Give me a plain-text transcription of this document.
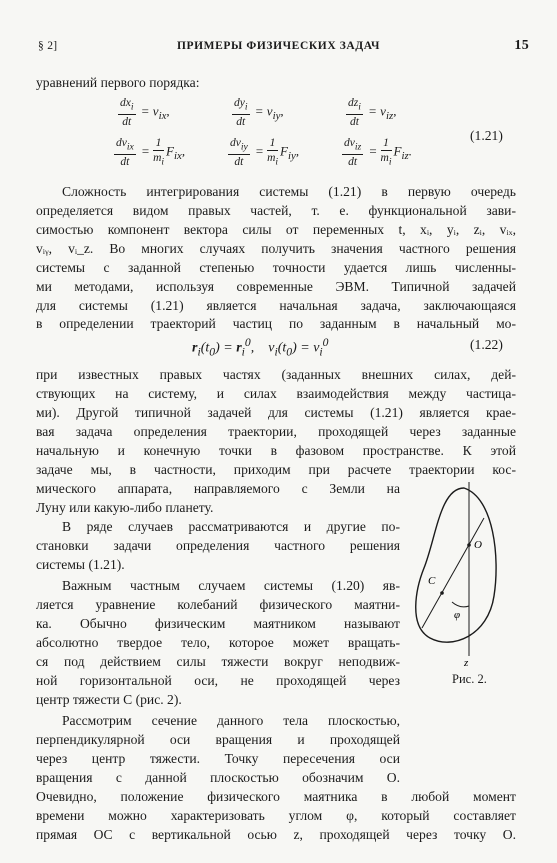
§ 2]	ПРИМЕРЫ ФИЗИЧЕСКИХ ЗАДАЧ	15
уравнений первого порядка:
$\frac{dx_i}{dt} = v_{ix}$,	$\frac{dy_i}{dt} = v_{iy}$,	$\frac{dz_i}{dt} = v_{iz}$,
$\frac{dv_{ix}}{dt} = \frac{1}{m_i} F_{ix}$,	$\frac{dv_{iy}}{dt} = \frac{1}{m_i} F_{iy}$,	$\frac{dv_{iz}}{dt} = \frac{1}{m_i} F_{iz}$.
(1.21)
Сложность интегрирования системы (1.21) в первую очередь
определяется видом правых частей, т. е. функциональной зави-
симостью компонент вектора силы от переменных t, xᵢ, yᵢ, zᵢ, vᵢₓ,
vᵢᵧ, vᵢ_z. Во многих случаях получить значения частного решения
системы с заданной степенью точности удается лишь численны-
ми методами, используя современные ЭВМ. Типичной задачей
для системы (1.21) является начальная задача, заключающаяся
в определении траекторий частиц по заданным в начальный мо-
$r_i(t_0) = r_i^0$,    $v_i(t_0) = v_i^0$	(1.22)
при известных правых частях (заданных внешних силах, дей-
ствующих на систему, и силах взаимодействия между частица-
ми). Другой типичной задачей для системы (1.21) является крае-
вая задача определения траектории, проходящей через заданные
начальную и конечную точки в фазовом пространстве. К этой
задаче мы, в частности, приходим при расчете траектории кос-
мического аппарата, направляемого с Земли на
Луну или какую-либо планету.
В ряде случаев рассматриваются и другие по-
становки задачи определения частного решения
системы (1.21).
Важным частным случаем системы (1.20) яв-
ляется уравнение колебаний физического маятни-
ка. Обычно физическим маятником называют
абсолютно твердое тело, которое может вращать-
ся под действием силы тяжести вокруг неподвиж-
ной горизонтальной оси, не проходящей через
центр тяжести C (рис. 2).
Рассмотрим сечение данного тела плоскостью,
перпендикулярной оси вращения и проходящей
через центр тяжести. Точку пересечения оси
вращения с данной плоскостью обозначим O.
Очевидно, положение физического маятника в любой момент
времени можно характеризовать углом φ, который составляет
прямая OC с вертикальной осью z, проходящей через точку O.
O
C
φ
z
Рис. 2.
